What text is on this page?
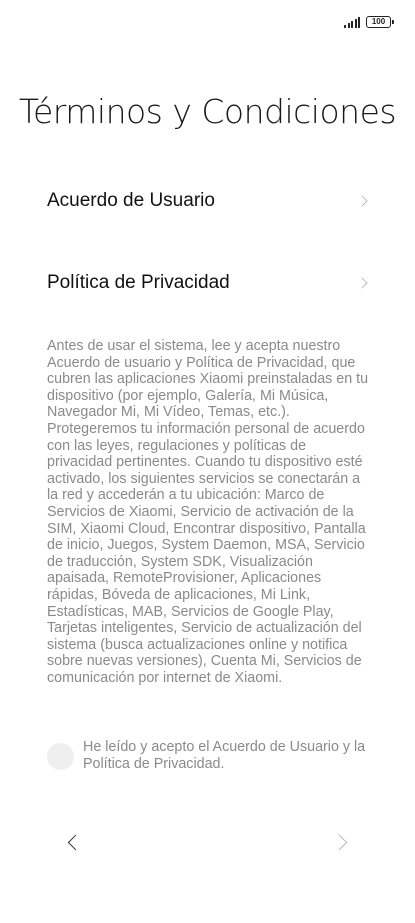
100
Términos y Condiciones
Acuerdo de Usuario
Política de Privacidad
Antes de usar el sistema, lee y acepta nuestro Acuerdo de usuario y Política de Privacidad, que cubren las aplicaciones Xiaomi preinstaladas en tu dispositivo (por ejemplo, Galería, Mi Música, Navegador Mi, Mi Vídeo, Temas, etc.). Protegeremos tu información personal de acuerdo con las leyes, regulaciones y políticas de privacidad pertinentes. Cuando tu dispositivo esté activado, los siguientes servicios se conectarán a la red y accederán a tu ubicación: Marco de Servicios de Xiaomi, Servicio de activación de la SIM, Xiaomi Cloud, Encontrar dispositivo, Pantalla de inicio, Juegos, System Daemon, MSA, Servicio de traducción, System SDK, Visualización apaisada, RemoteProvisioner, Aplicaciones rápidas, Bóveda de aplicaciones, Mi Link, Estadísticas, MAB, Servicios de Google Play, Tarjetas inteligentes, Servicio de actualización del sistema (busca actualizaciones online y notifica sobre nuevas versiones), Cuenta Mi, Servicios de comunicación por internet de Xiaomi.
He leído y acepto el Acuerdo de Usuario y la Política de Privacidad.
